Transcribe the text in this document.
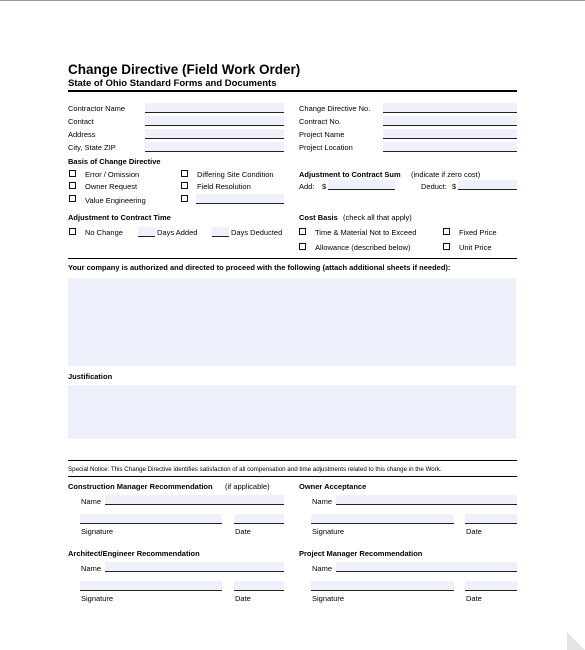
Change Directive (Field Work Order)
State of Ohio Standard Forms and Documents
Contractor Name
Contact
Address
City, State ZIP
Change Directive No.
Contract No.
Project Name
Project Location
Basis of Change Directive
Error / Omission
Owner Request
Value Engineering
Differing Site Condition
Field Resolution
Adjustment to Contract Sum (indicate if zero cost)
Add: $	Deduct: $
Adjustment to Contract Time
No Change	Days Added	Days Deducted
Cost Basis (check all that apply)
Time & Material Not to Exceed
Allowance (described below)
Fixed Price
Unit Price
Your company is authorized and directed to proceed with the following (attach additional sheets if needed):
Justification
Special Notice: This Change Directive identifies satisfaction of all compensation and time adjustments related to this change in the Work.
Construction Manager Recommendation (if applicable)
Name
Signature	Date
Owner Acceptance
Name
Signature	Date
Architect/Engineer Recommendation
Name
Signature	Date
Project Manager Recommendation
Name
Signature	Date
